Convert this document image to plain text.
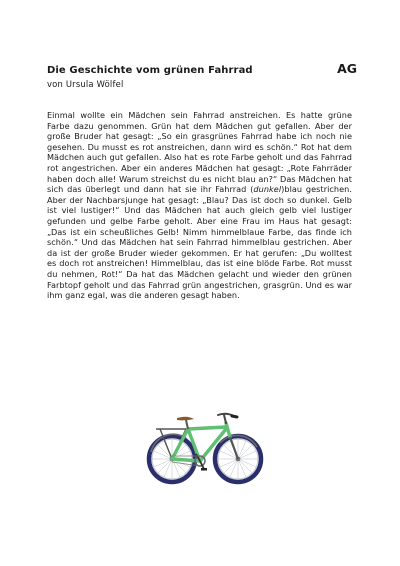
Die Geschichte vom grünen Fahrrad	AG
von Ursula Wölfel
Einmal wollte ein Mädchen sein Fahrrad anstreichen. Es hatte grüne Farbe dazu genommen. Grün hat dem Mädchen gut gefallen. Aber der große Bruder hat gesagt: „So ein grasgrünes Fahrrad habe ich noch nie gesehen. Du musst es rot anstreichen, dann wird es schön.“ Rot hat dem Mädchen auch gut gefallen. Also hat es rote Farbe geholt und das Fahrrad rot angestrichen. Aber ein anderes Mädchen hat gesagt: „Rote Fahrräder haben doch alle! Warum streichst du es nicht blau an?“ Das Mädchen hat sich das überlegt und dann hat sie ihr Fahrrad (dunkel)blau gestrichen. Aber der Nachbarsjunge hat gesagt: „Blau? Das ist doch so dunkel. Gelb ist viel lustiger!“ Und das Mädchen hat auch gleich gelb viel lustiger gefunden und gelbe Farbe geholt. Aber eine Frau im Haus hat gesagt: „Das ist ein scheußliches Gelb! Nimm himmelblaue Farbe, das finde ich schön.“ Und das Mädchen hat sein Fahrrad himmelblau gestrichen. Aber da ist der große Bruder wieder gekommen. Er hat gerufen: „Du wolltest es doch rot anstreichen! Himmelblau, das ist eine blöde Farbe. Rot musst du nehmen, Rot!“ Da hat das Mädchen gelacht und wieder den grünen Farbtopf geholt und das Fahrrad grün angestrichen, grasgrün. Und es war ihm ganz egal, was die anderen gesagt haben.
